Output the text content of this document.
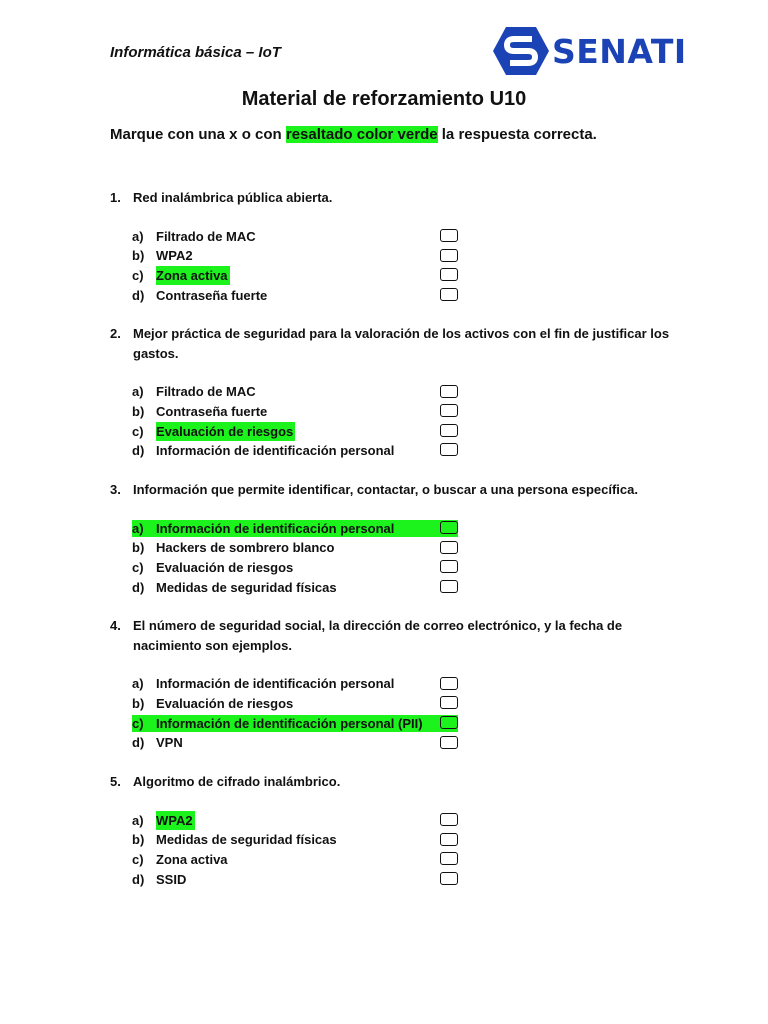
Informática básica – IoT	SENATI
Material de reforzamiento U10
Marque con una x o con resaltado color verde la respuesta correcta.
1. Red inalámbrica pública abierta.
a) Filtrado de MAC
b) WPA2
c) Zona activa
d) Contraseña fuerte
2. Mejor práctica de seguridad para la valoración de los activos con el fin de justificar los gastos.
a) Filtrado de MAC
b) Contraseña fuerte
c) Evaluación de riesgos
d) Información de identificación personal
3. Información que permite identificar, contactar, o buscar a una persona específica.
a) Información de identificación personal
b) Hackers de sombrero blanco
c) Evaluación de riesgos
d) Medidas de seguridad físicas
4. El número de seguridad social, la dirección de correo electrónico, y la fecha de nacimiento son ejemplos.
a) Información de identificación personal
b) Evaluación de riesgos
c) Información de identificación personal (PII)
d) VPN
5. Algoritmo de cifrado inalámbrico.
a) WPA2
b) Medidas de seguridad físicas
c) Zona activa
d) SSID
